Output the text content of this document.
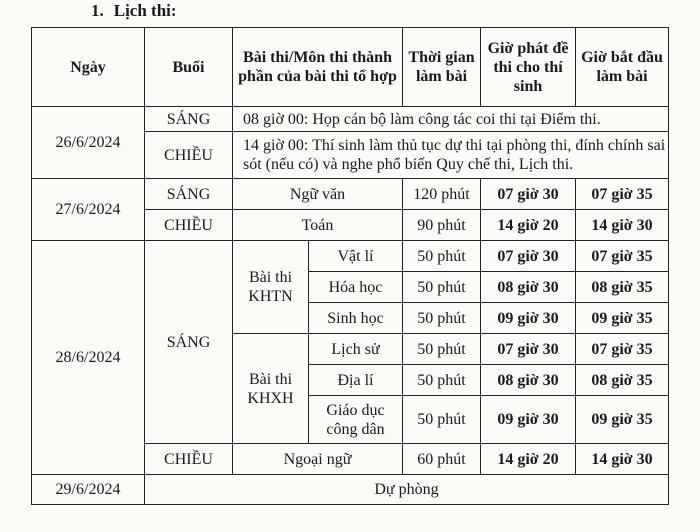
1. Lịch thi:
Ngày	Buổi	Bài thi/Môn thi thành phần của bài thi tổ hợp		Thời gian làm bài	Giờ phát đề thi cho thí sinh	Giờ bắt đầu làm bài
26/6/2024	SÁNG	08 giờ 00: Họp cán bộ làm công tác coi thi tại Điểm thi.				
	CHIỀU	14 giờ 00: Thí sinh làm thủ tục dự thi tại phòng thi, đính chính sai sót (nếu có) và nghe phổ biến Quy chế thi, Lịch thi.				
27/6/2024	SÁNG	Ngữ văn		120 phút	07 giờ 30	07 giờ 35
	CHIỀU	Toán		90 phút	14 giờ 20	14 giờ 30
28/6/2024	SÁNG	Bài thi KHTN	Vật lí	50 phút	07 giờ 30	07 giờ 35
			Hóa học	50 phút	08 giờ 30	08 giờ 35
			Sinh học	50 phút	09 giờ 30	09 giờ 35
		Bài thi KHXH	Lịch sử	50 phút	07 giờ 30	07 giờ 35
			Địa lí	50 phút	08 giờ 30	08 giờ 35
			Giáo dục công dân	50 phút	09 giờ 30	09 giờ 35
	CHIỀU	Ngoại ngữ		60 phút	14 giờ 20	14 giờ 30
29/6/2024	Dự phòng					
